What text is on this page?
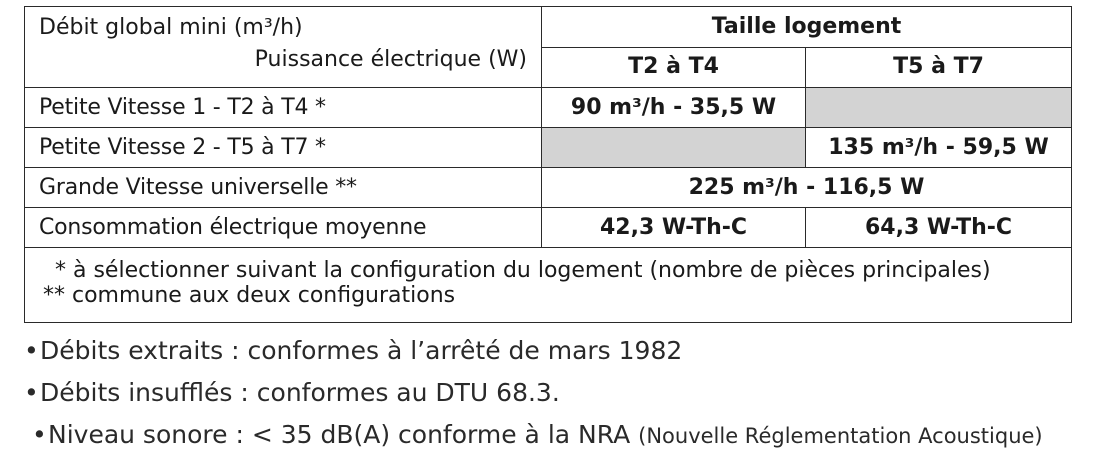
Débit global mini (m³/h)
Puissance électrique (W)	Taille logement	
	T2 à T4	T5 à T7
Petite Vitesse 1 - T2 à T4 *	90 m³/h - 35,5 W	
Petite Vitesse 2 - T5 à T7 *		135 m³/h - 59,5 W
Grande Vitesse universelle **	225 m³/h - 116,5 W	
Consommation électrique moyenne	42,3 W-Th-C	64,3 W-Th-C

* à sélectionner suivant la configuration du logement (nombre de pièces principales)
** commune aux deux configurations		
•Débits extraits : conformes à l’arrêté de mars 1982
•Débits insufflés : conformes au DTU 68.3.
•Niveau sonore : < 35 dB(A) conforme à la NRA (Nouvelle Réglementation Acoustique)
